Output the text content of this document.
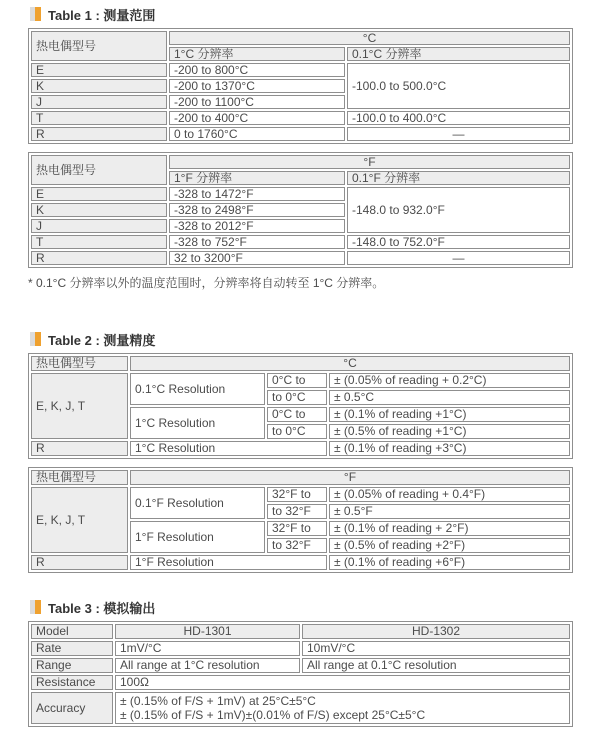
Table 1 : 测量范围
热电偶型号	°C	
	1°C 分辨率	0.1°C 分辨率
E	-200 to 800°C	-100.0 to 500.0°C
K	-200 to 1370°C	
J	-200 to 1100°C	
T	-200 to 400°C	-100.0 to 400.0°C
R	0 to 1760°C	—
热电偶型号	°F	
	1°F 分辨率	0.1°F 分辨率
E	-328 to 1472°F	-148.0 to 932.0°F
K	-328 to 2498°F	
J	-328 to 2012°F	
T	-328 to 752°F	-148.0 to 752.0°F
R	32 to 3200°F	—
* 0.1°C 分辨率以外的温度范围时，分辨率将自动转至 1°C 分辨率。
Table 2 : 测量精度
热电偶型号	°C		
E, K, J, T	0.1°C Resolution	0°C to	± (0.05% of reading + 0.2°C)
		to 0°C	± 0.5°C
	1°C Resolution	0°C to	± (0.1% of reading +1°C)
		to 0°C	± (0.5% of reading +1°C)
R	1°C Resolution		± (0.1% of reading +3°C)
热电偶型号	°F		
E, K, J, T	0.1°F Resolution	32°F to	± (0.05% of reading + 0.4°F)
		to 32°F	± 0.5°F
	1°F Resolution	32°F to	± (0.1% of reading + 2°F)
		to 32°F	± (0.5% of reading +2°F)
R	1°F Resolution		± (0.1% of reading +6°F)
Table 3 : 模拟输出
Model	HD-1301	HD-1302
Rate	1mV/°C	10mV/°C
Range	All range at 1°C resolution	All range at 0.1°C resolution
Resistance	100Ω	
Accuracy	± (0.15% of F/S + 1mV) at 25°C±5°C
± (0.15% of F/S + 1mV)±(0.01% of F/S) except 25°C±5°C	
